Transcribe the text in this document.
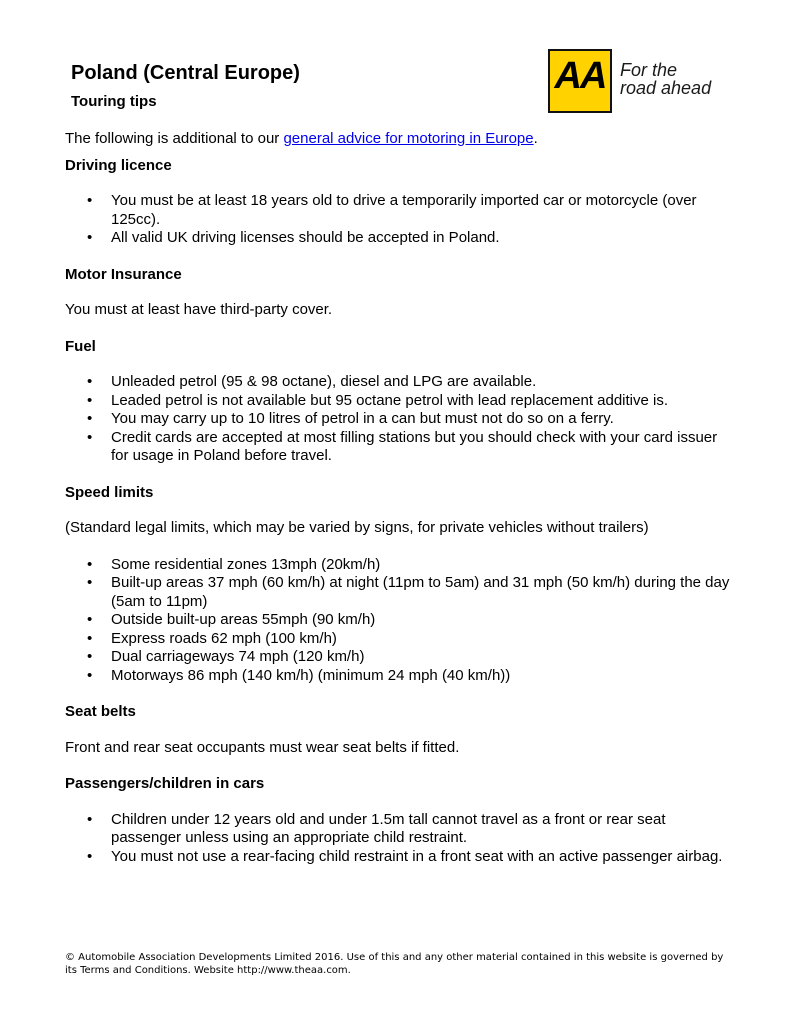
Poland (Central Europe)
Touring tips
AA For the
road ahead

The following is additional to our general advice for motoring in Europe.

Driving licence

• You must be at least 18 years old to drive a temporarily imported car or motorcycle (over 125cc).
• All valid UK driving licenses should be accepted in Poland.

Motor Insurance

You must at least have third-party cover.

Fuel

• Unleaded petrol (95 & 98 octane), diesel and LPG are available.
• Leaded petrol is not available but 95 octane petrol with lead replacement additive is.
• You may carry up to 10 litres of petrol in a can but must not do so on a ferry.
• Credit cards are accepted at most filling stations but you should check with your card issuer for usage in Poland before travel.

Speed limits

(Standard legal limits, which may be varied by signs, for private vehicles without trailers)

• Some residential zones 13mph (20km/h)
• Built-up areas 37 mph (60 km/h) at night (11pm to 5am) and 31 mph (50 km/h) during the day (5am to 11pm)
• Outside built-up areas 55mph (90 km/h)
• Express roads 62 mph (100 km/h)
• Dual carriageways 74 mph (120 km/h)
• Motorways 86 mph (140 km/h) (minimum 24 mph (40 km/h))

Seat belts

Front and rear seat occupants must wear seat belts if fitted.

Passengers/children in cars

• Children under 12 years old and under 1.5m tall cannot travel as a front or rear seat passenger unless using an appropriate child restraint.
• You must not use a rear-facing child restraint in a front seat with an active passenger airbag.
© Automobile Association Developments Limited 2016. Use of this and any other material contained in this website is governed by its Terms and Conditions. Website http://www.theaa.com.
